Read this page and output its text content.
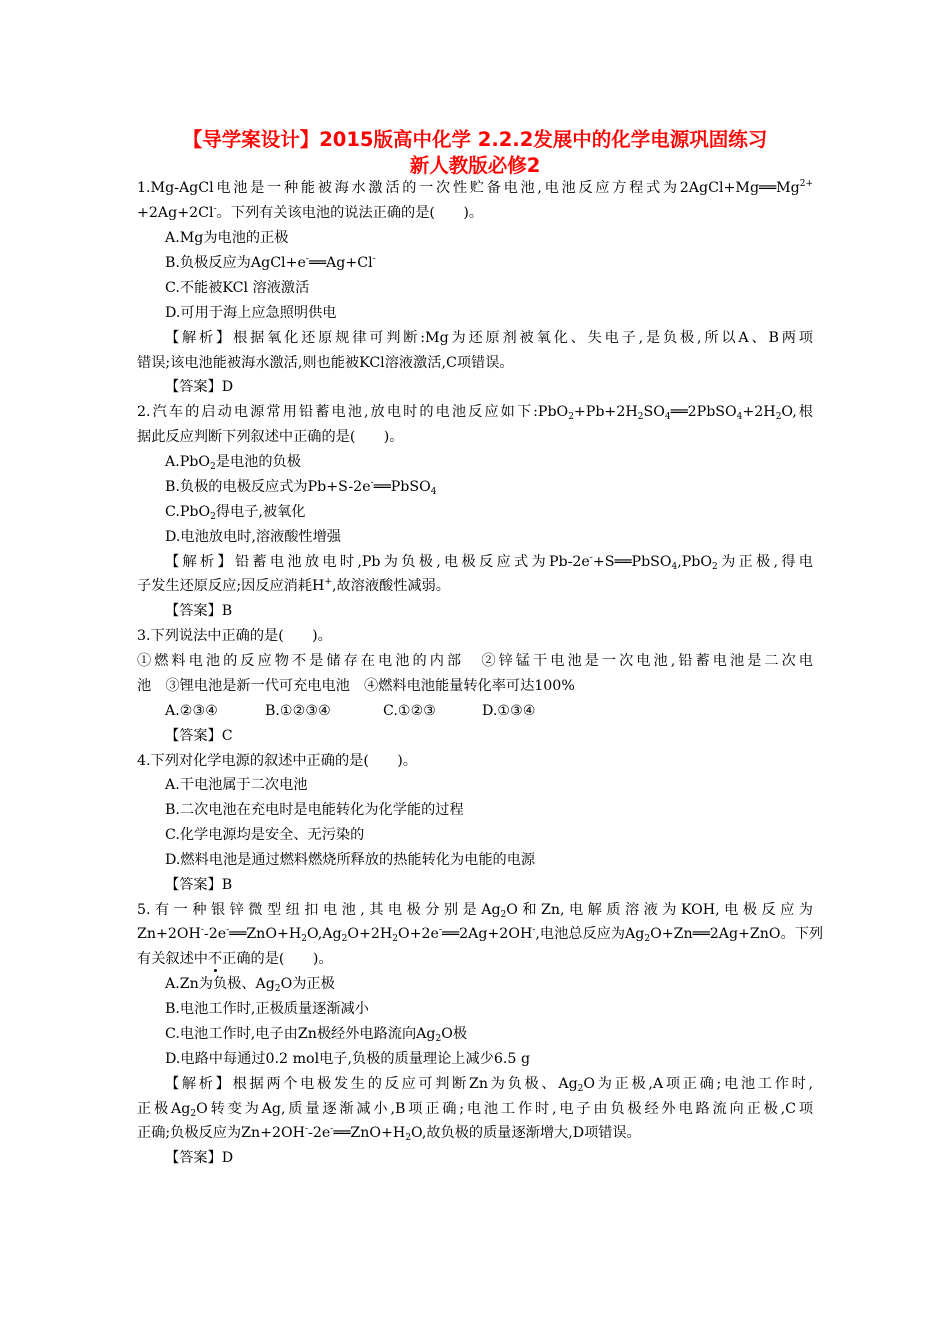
【导学案设计】2015版高中化学 2.2.2发展中的化学电源巩固练习
新人教版必修2
1.Mg-AgCl电池是一种能被海水激活的一次性贮备电池,电池反应方程式为$2AgCl+Mg══Mg^{2+}$
+2Ag+2Cl-。下列有关该电池的说法正确的是(　　)。
A.Mg为电池的正极
B.负极反应为AgCl+e-══Ag+Cl-
C.不能被KCl 溶液激活
D.可用于海上应急照明供电
【解析】根据氧化还原规律可判断:Mg为还原剂被氧化、失电子,是负极,所以A、B两项
错误;该电池能被海水激活,则也能被KCl溶液激活,C项错误。
【答案】D
2.汽车的启动电源常用铅蓄电池,放电时的电池反应如下$:PbO_2+Pb+2H_2SO_4══2PbSO_4+2H_2O$,根
据此反应判断下列叙述中正确的是(　　)。
A.PbO$_2$是电池的负极
B.负极的电极反应式为Pb+S-2e-══PbSO$_4$
C.PbO$_2$得电子,被氧化
D.电池放电时,溶液酸性增强
【解析】铅蓄电池放电时,Pb为负极,电极反应式为Pb-2e-+S══PbSO$_4$,PbO$_2$为正极,得电
子发生还原反应;因反应消耗H+,故溶液酸性减弱。
【答案】B
3.下列说法中正确的是(　　)。
①燃料电池的反应物不是储存在电池的内部　②锌锰干电池是一次电池,铅蓄电池是二次电
池　③锂电池是新一代可充电电池　④燃料电池能量转化率可达100%
A.②③④	B.①②③④	C.①②③	D.①③④
【答案】C
4.下列对化学电源的叙述中正确的是(　　)。
A.干电池属于二次电池
B.二次电池在充电时是电能转化为化学能的过程
C.化学电源均是安全、无污染的
D.燃料电池是通过燃料燃烧所释放的热能转化为电能的电源
【答案】B
5.有一种银锌微型纽扣电池,其电极分别是$Ag_2O$和Zn,电解质溶液为KOH,电极反应为
$Zn+2OH^--2e^-══ZnO+H_2O,Ag_2O+2H_2O+2e^-══2Ag+2OH^-$,电池总反应为$Ag_2O+Zn══2Ag+ZnO$。下列
有关叙述中不正确的是(　　)。
A.Zn为负极、$Ag_2O$为正极
B.电池工作时,正极质量逐渐减小
C.电池工作时,电子由Zn极经外电路流向$Ag_2O$极
D.电路中每通过0.2 mol电子,负极的质量理论上减少6.5 g
【解析】根据两个电极发生的反应可判断Zn为负极、$Ag_2O$为正极,A项正确;电池工作时,
正极$Ag_2O$转变为Ag,质量逐渐减小,B项正确;电池工作时,电子由负极经外电路流向正极,C项
正确;负极反应为$Zn+2OH^--2e^-══ZnO+H_2O$,故负极的质量逐渐增大,D项错误。
【答案】D
